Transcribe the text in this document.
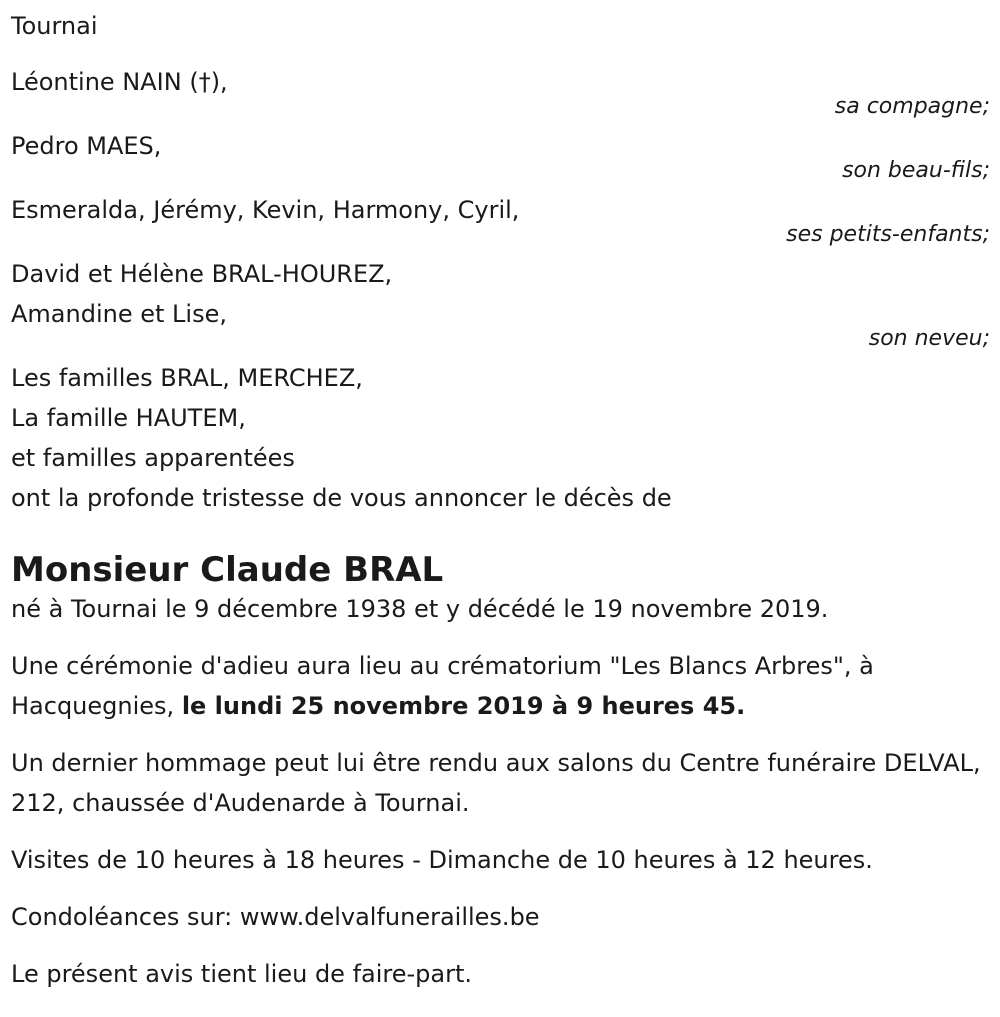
Tournai
Léontine NAIN (†),
sa compagne;
Pedro MAES,
son beau-fils;
Esmeralda, Jérémy, Kevin, Harmony, Cyril,
ses petits-enfants;
David et Hélène BRAL-HOUREZ,
Amandine et Lise,
son neveu;
Les familles BRAL, MERCHEZ,
La famille HAUTEM,
et familles apparentées
ont la profonde tristesse de vous annoncer le décès de
Monsieur Claude BRAL
né à Tournai le 9 décembre 1938 et y décédé le 19 novembre 2019.
Une cérémonie d'adieu aura lieu au crématorium "Les Blancs Arbres", à Hacquegnies, le lundi 25 novembre 2019 à 9 heures 45.
Un dernier hommage peut lui être rendu aux salons du Centre funéraire DELVAL, 212, chaussée d'Audenarde à Tournai.
Visites de 10 heures à 18 heures - Dimanche de 10 heures à 12 heures.
Condoléances sur: www.delvalfunerailles.be
Le présent avis tient lieu de faire-part.
